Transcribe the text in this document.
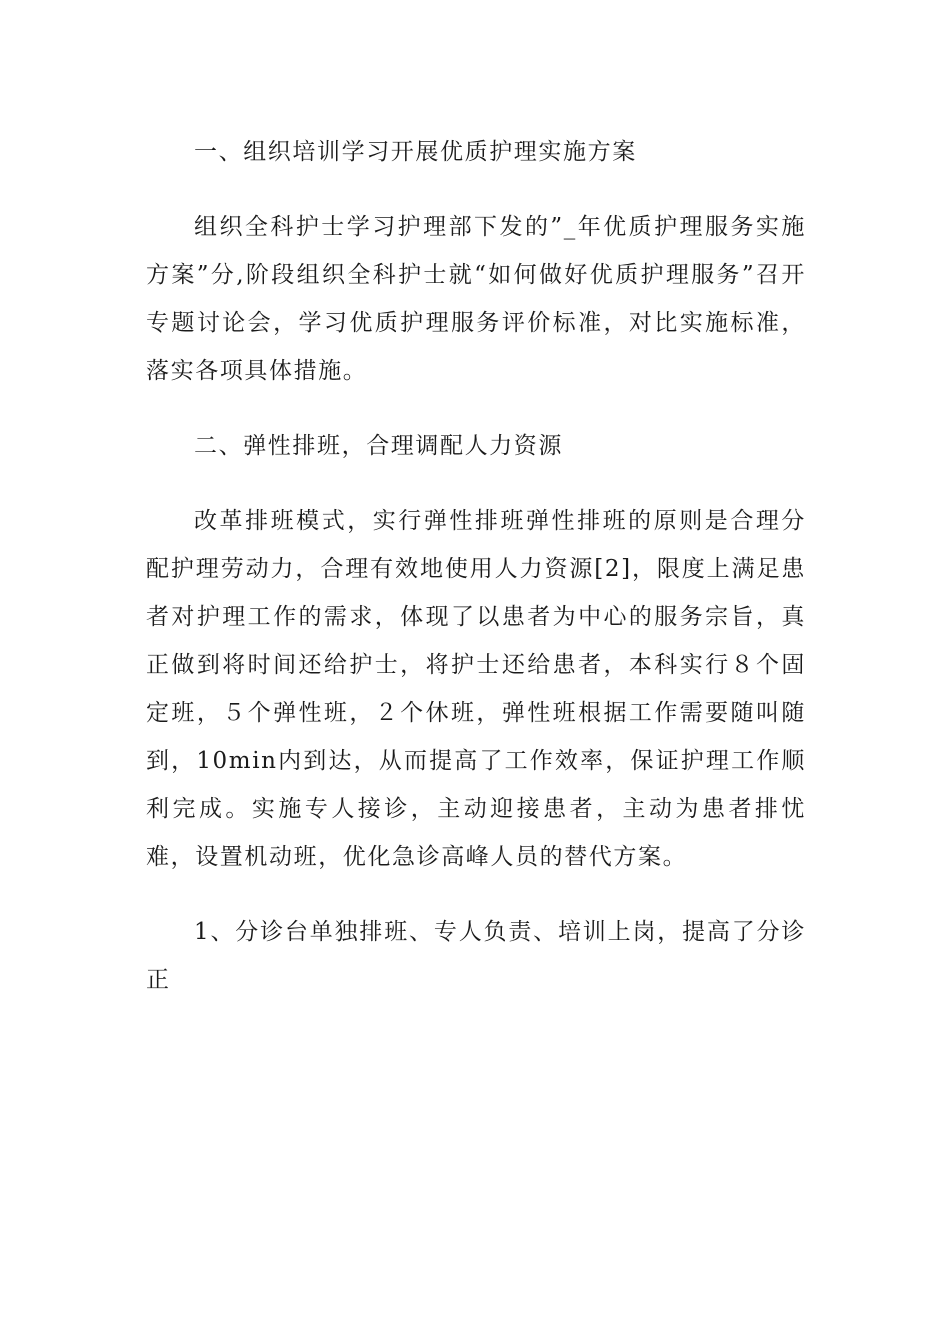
一、组织培训学习开展优质护理实施方案

组织全科护士学习护理部下发的”_年优质护理服务实施方案”分,阶段组织全科护士就“如何做好优质护理服务”召开专题讨论会，学习优质护理服务评价标准，对比实施标准，落实各项具体措施。

二、弹性排班，合理调配人力资源

改革排班模式，实行弹性排班弹性排班的原则是合理分配护理劳动力，合理有效地使用人力资源[2]，限度上满足患者对护理工作的需求，体现了以患者为中心的服务宗旨，真正做到将时间还给护士，将护士还给患者，本科实行８个固定班，５个弹性班，２个休班，弹性班根据工作需要随叫随到，10min内到达，从而提高了工作效率，保证护理工作顺利完成。实施专人接诊，主动迎接患者，主动为患者排忧难，设置机动班，优化急诊高峰人员的替代方案。

1、分诊台单独排班、专人负责、培训上岗，提高了分诊正
